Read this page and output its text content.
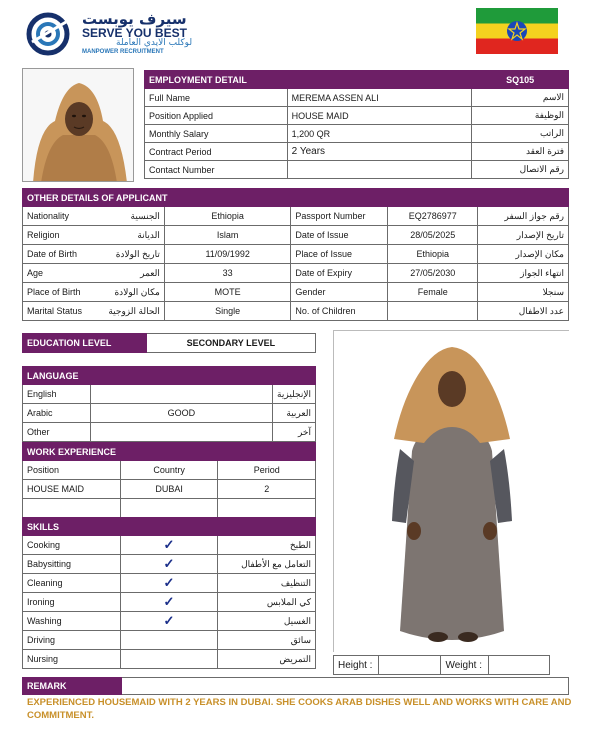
سيرف يوبست
SERVE YOU BEST
لوكلب الايدي العاملة
MANPOWER RECRUITMENT
EMPLOYMENT DETAIL		SQ105
Full Name	MEREMA ASSEN ALI	الاسم
Position Applied	HOUSE MAID	الوظيفة
Monthly Salary	1,200 QR	الراتب
Contract Period	2 Years	فترة العقد
Contact Number		رقم الاتصال
OTHER DETAILS OF APPLICANT					
Nationality	الجنسية	Ethiopia	Passport Number	EQ2786977	رقم جواز السفر
Religion	الديانة	Islam	Date of Issue	28/05/2025	تاريخ الإصدار
Date of Birth	تاريخ الولادة	11/09/1992	Place of Issue	Ethiopia	مكان الإصدار
Age	العمر	33	Date of Expiry	27/05/2030	انتهاء الجواز
Place of Birth	مكان الولادة	MOTE	Gender	Female	سنجلا
Marital Status	الحالة الزوجية	Single	No. of Children		عدد الاطفال
EDUCATION LEVEL	SECONDARY LEVEL
LANGUAGE		
English		الإنجليزية
Arabic	GOOD	العربية
Other		آخر
WORK EXPERIENCE		
Position	Country	Period
HOUSE MAID	DUBAI	2

SKILLS		
Cooking	✓	الطبخ
Babysitting	✓	التعامل مع الأطفال
Cleaning	✓	التنظيف
Ironing	✓	كي الملابس
Washing	✓	الغسيل
Driving		سائق
Nursing		التمريض
Height :		Weight :	
REMARK	
EXPERIENCED HOUSEMAID WITH 2 YEARS IN DUBAI. SHE COOKS ARAB DISHES WELL AND WORKS WITH CARE AND COMMITMENT.
